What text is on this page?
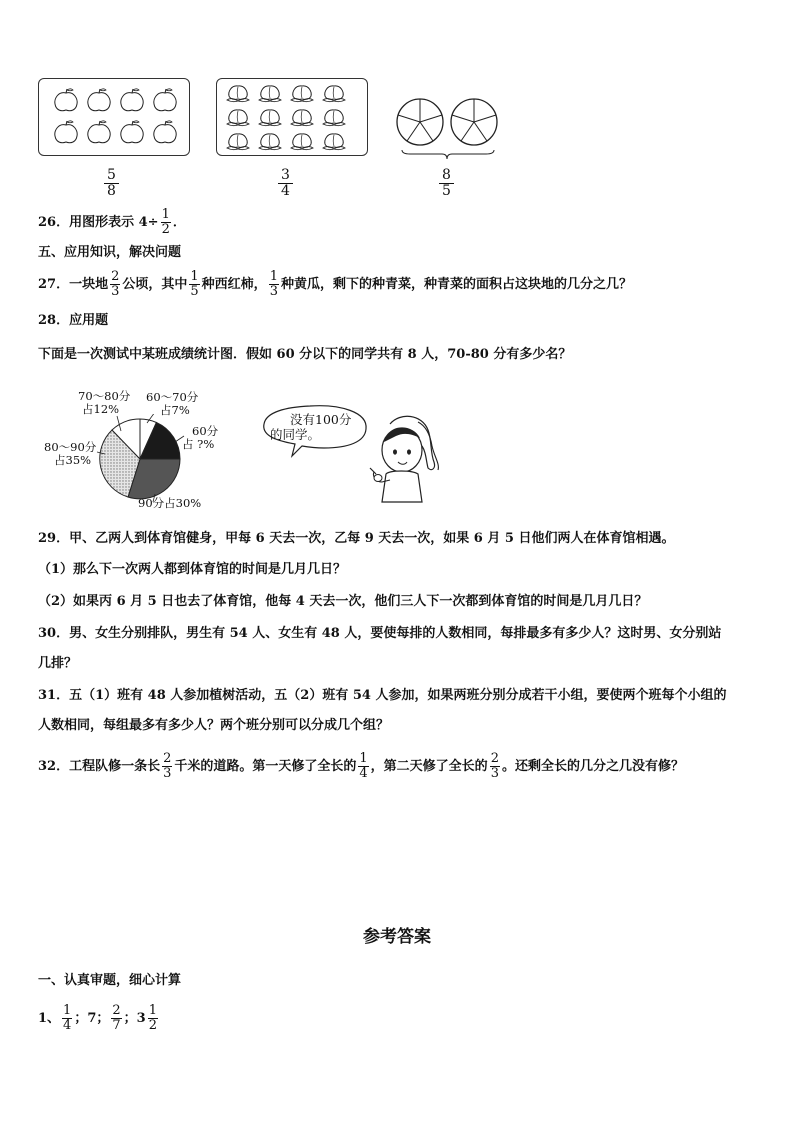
$\frac{5}{8}$	$\frac{3}{4}$	$\frac{8}{5}$
26．用图形表示 $4\div \frac{1}{2}$ ．
五、应用知识，解决问题
27．一块地 $\frac{2}{3}$ 公顷，其中 $\frac{1}{5}$ 种西红柿， $\frac{1}{3}$ 种黄瓜，剩下的种青菜，种青菜的面积占这块地的几分之几？
28．应用题
下面是一次测试中某班成绩统计图．假如 60 分以下的同学共有 8 人，70-80 分有多少名？
70～80分
占12%
60～70分
占7%
60分
占 ?%
80～90分
占35%
90分占30%
没有100分
的同学。
29．甲、乙两人到体育馆健身，甲每 6 天去一次，乙每 9 天去一次，如果 6 月 5 日他们两人在体育馆相遇。
（1）那么下一次两人都到体育馆的时间是几月几日？
（2）如果丙 6 月 5 日也去了体育馆，他每 4 天去一次，他们三人下一次都到体育馆的时间是几月几日？
30．男、女生分别排队，男生有 54 人、女生有 48 人，要使每排的人数相同，每排最多有多少人？这时男、女分别站
几排？
31．五（1）班有 48 人参加植树活动，五（2）班有 54 人参加，如果两班分别分成若干小组，要使两个班每个小组的
人数相同，每组最多有多少人？两个班分别可以分成几个组？
32．工程队修一条长 $\frac{2}{3}$ 千米的道路。第一天修了全长的 $\frac{1}{4}$ ，第二天修了全长的 $\frac{2}{3}$ 。还剩全长的几分之几没有修？
参考答案
一、认真审题，细心计算
1、 $\frac{1}{4}$ ；7； $\frac{2}{7}$ ；$3 \frac{1}{2}$
